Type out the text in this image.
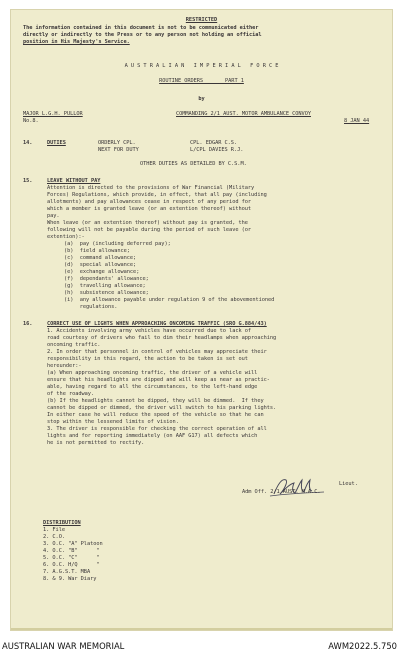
RESTRICTED
The information contained in this document is not to be communicated either
directly or indirectly to the Press or to any person not holding an official
position in His Majesty's Service.
A U S T R A L I A N   I M P E R I A L   F O R C E
ROUTINE ORDERS       PART 1
by
MAJOR L.G.H. PULLOR	COMMANDING 2/1 AUST. MOTOR AMBULANCE CONVOY
No.8.	8 JAN 44
14.	DUTIES	ORDERLY CPL.	CPL. EDGAR C.S.
NEXT FOR DUTY	L/CPL DAVIES R.J.
OTHER DUTIES AS DETAILED BY C.S.M.
15.	LEAVE WITHOUT PAY
Attention is directed to the provisions of War Financial (Military
Forces) Regulations, which provide, in effect, that all pay (including
allotments) and pay allowances cease in respect of any period for
which a member is granted leave (or an extention thereof) without
pay.
When leave (or an extention thereof) without pay is granted, the
following will not be payable during the period of such leave (or
extention):-
(a)  pay (including deferred pay);
(b)  field allowance;
(c)  command allowance;
(d)  special allowance;
(e)  exchange allowance;
(f)  dependants' allowance;
(g)  travelling allowance;
(h)  subsistence allowance;
(i)  any allowance payable under regulation 9 of the abovementioned
regulations.
16.	CORRECT USE OF LIGHTS WHEN APPROACHING ONCOMING TRAFFIC (SRO G.884/43)
1. Accidents involving army vehicles have occurred due to lack of
road courtesy of drivers who fail to dim their headlamps when approaching
oncoming traffic.
2. In order that personnel in control of vehicles may appreciate their
responsibility in this regard, the action to be taken is set out
hereunder:-
(a) When approaching oncoming traffic, the driver of a vehicle will
ensure that his headlights are dipped and will keep as near as practic-
able, having regard to all the circumstances, to the left-hand edge
of the roadway.
(b) If the headlights cannot be dipped, they will be dimmed.  If they
cannot be dipped or dimmed, the driver will switch to his parking lights.
In either case he will reduce the speed of the vehicle so that he can
stop within the lessened limits of vision.
3. The driver is responsible for checking the correct operation of all
lights and for reporting immediately (on AAF G17) all defects which
he is not permitted to rectify.
Lieut.
Adm Off. 2/1 AUST. M.A.C.
DISTRIBUTION
1. File
2. C.O.
3. O.C. "A" Platoon
4. O.C. "B"      "
5. O.C. "C"      "
6. O.C. H/Q      "
7. A.G.S.T. MBA
8. & 9. War Diary
AUSTRALIAN WAR MEMORIAL	AWM2022.5.750
